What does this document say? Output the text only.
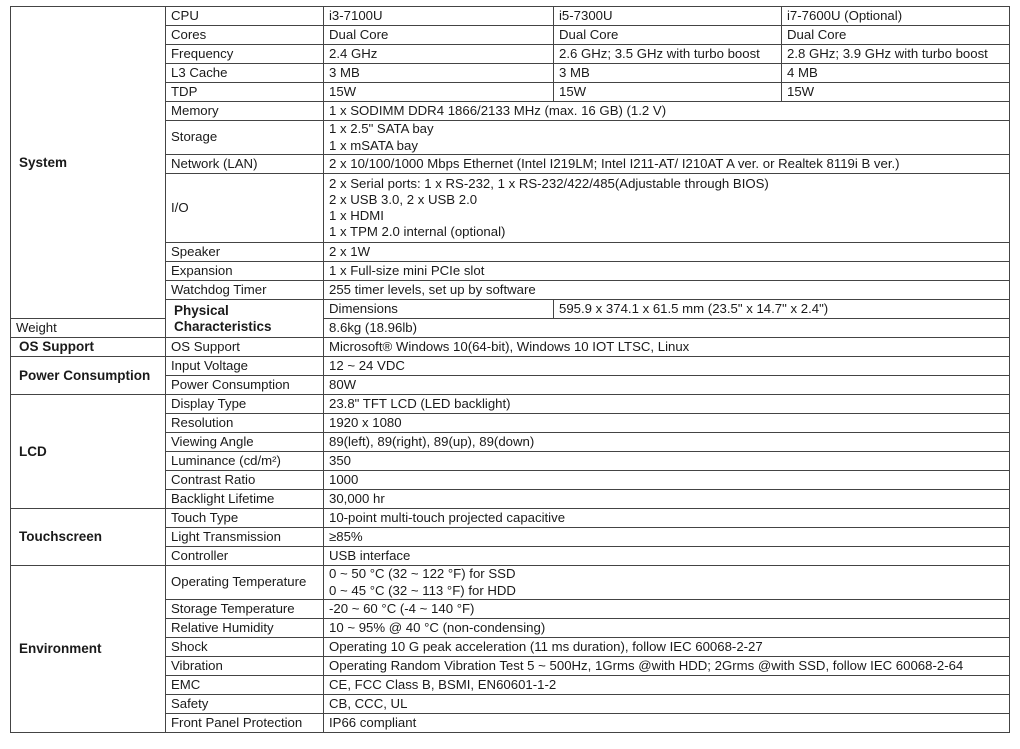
System	CPU	i3-7100U	i5-7300U	i7-7600U (Optional)
	Cores	Dual Core	Dual Core	Dual Core
	Frequency	2.4 GHz	2.6 GHz; 3.5 GHz with turbo boost	2.8 GHz; 3.9 GHz with turbo boost
	L3 Cache	3 MB	3 MB	4 MB
	TDP	15W	15W	15W
	Memory	1 x SODIMM DDR4 1866/2133 MHz (max. 16 GB) (1.2 V)		
	Storage	1 x 2.5" SATA bay
1 x mSATA bay		

	Network (LAN)	2 x 10/100/1000 Mbps Ethernet (Intel I219LM; Intel I211-AT/ I210AT A ver. or Realtek 8119i B ver.)		
	I/O	2 x Serial ports: 1 x RS-232, 1 x RS-232/422/485(Adjustable through BIOS)
2 x USB 3.0, 2 x USB 2.0
1 x HDMI
1 x TPM 2.0 internal (optional)		

	Speaker	2 x 1W		
	Expansion	1 x Full-size mini PCIe slot		
	Watchdog Timer	255 timer levels, set up by software		
	Physical Characteristics	Dimensions	595.9 x 374.1 x 61.5 mm (23.5" x 14.7" x 2.4")	
Weight		8.6kg (18.96lb)		
OS Support	OS Support	Microsoft® Windows 10(64-bit), Windows 10 IOT LTSC, Linux		
Power Consumption	Input Voltage	12 ~ 24 VDC		
	Power Consumption	80W		
LCD	Display Type	23.8" TFT LCD (LED backlight)		
	Resolution	1920 x 1080		
	Viewing Angle	89(left), 89(right), 89(up), 89(down)		
	Luminance (cd/m²)	350		
	Contrast Ratio	1000		
	Backlight Lifetime	30,000 hr		
Touchscreen	Touch Type	10-point multi-touch projected capacitive		
	Light Transmission	≥85%		
	Controller	USB interface		
Environment	Operating Temperature	0 ~ 50 °C (32 ~ 122 °F) for SSD
0 ~ 45 °C (32 ~ 113 °F) for HDD		

	Storage Temperature	-20 ~ 60 °C (-4 ~ 140 °F)		
	Relative Humidity	10 ~ 95% @ 40 °C (non-condensing)		
	Shock	Operating 10 G peak acceleration (11 ms duration), follow IEC 60068-2-27		
	Vibration	Operating Random Vibration Test 5 ~ 500Hz, 1Grms @with HDD; 2Grms @with SSD, follow IEC 60068-2-64		
	EMC	CE, FCC Class B, BSMI, EN60601-1-2		
	Safety	CB, CCC, UL		
	Front Panel Protection	IP66 compliant		
